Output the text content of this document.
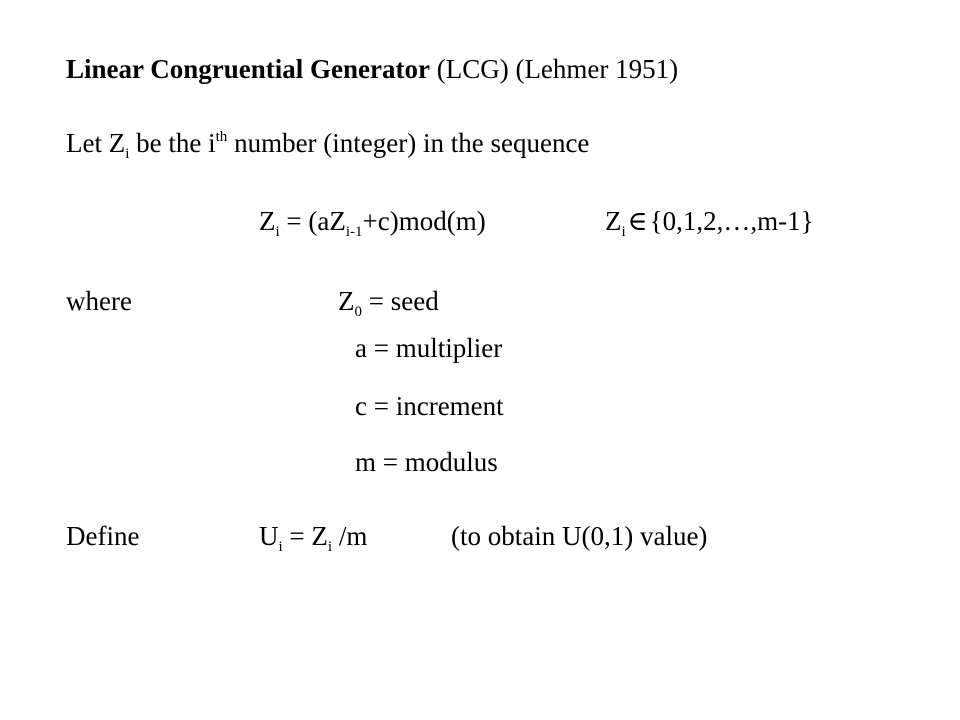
Linear Congruential Generator (LCG) (Lehmer 1951)
Let $Z_i$ be the $i^{th}$ number (integer) in the sequence
$Z_i = (aZ_{i-1}+c)mod(m)$	$Z_i\in\{0,1,2,\dots,m-1\}$
where	$Z_0$ = seed
a = multiplier
c = increment
m = modulus
Define	$U_i = Z_i$ /m	(to obtain U(0,1) value)
